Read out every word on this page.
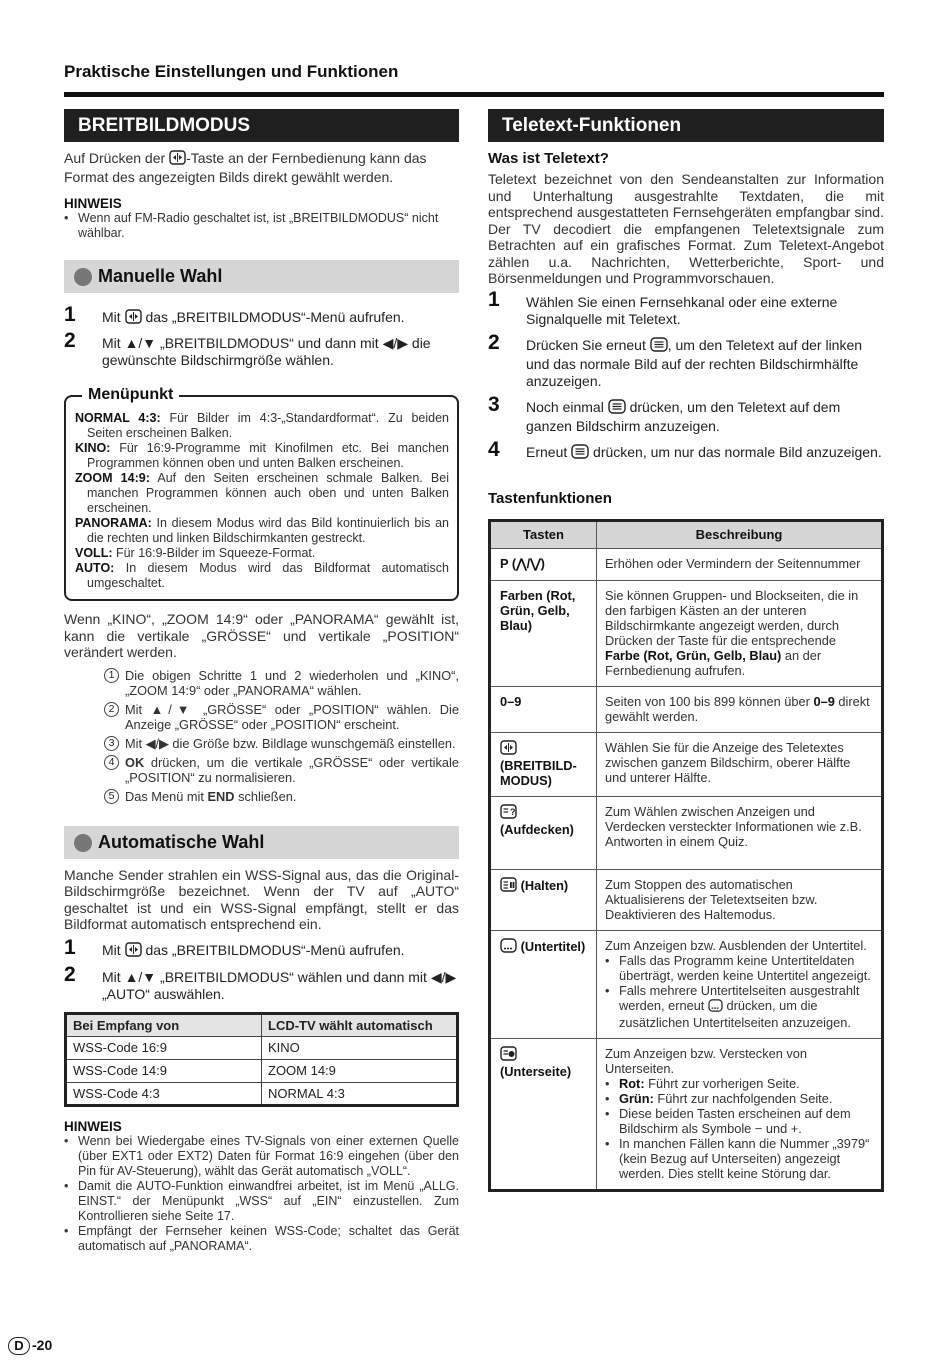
Praktische Einstellungen und Funktionen
BREITBILDMODUS
Auf Drücken der -Taste an der Fernbedienung kann das Format des angezeigten Bilds direkt gewählt werden.
HINWEIS
• Wenn auf FM-Radio geschaltet ist, ist „BREITBILDMODUS“ nicht wählbar.
Manuelle Wahl
1 Mit  das „BREITBILDMODUS“-Menü aufrufen.
2 Mit ▲/▼ „BREITBILDMODUS“ und dann mit ◀/▶ die gewünschte Bildschirmgröße wählen.
Menüpunkt
NORMAL 4:3: Für Bilder im 4:3-„Standardformat“. Zu beiden Seiten erscheinen Balken.
KINO: Für 16:9-Programme mit Kinofilmen etc. Bei manchen Programmen können oben und unten Balken erscheinen.
ZOOM 14:9: Auf den Seiten erscheinen schmale Balken. Bei manchen Programmen können auch oben und unten Balken erscheinen.
PANORAMA: In diesem Modus wird das Bild kontinuierlich bis an die rechten und linken Bildschirmkanten gestreckt.
VOLL: Für 16:9-Bilder im Squeeze-Format.
AUTO: In diesem Modus wird das Bildformat automatisch umgeschaltet.
Wenn „KINO“, „ZOOM 14:9“ oder „PANORAMA“ gewählt ist, kann die vertikale „GRÖSSE“ und vertikale „POSITION“ verändert werden.
1 Die obigen Schritte 1 und 2 wiederholen und „KINO“, „ZOOM 14:9“ oder „PANORAMA“ wählen.
2 Mit ▲/▼ „GRÖSSE“ oder „POSITION“ wählen. Die Anzeige „GRÖSSE“ oder „POSITION“ erscheint.
3 Mit ◀/▶ die Größe bzw. Bildlage wunschgemäß einstellen.
4 OK drücken, um die vertikale „GRÖSSE“ oder vertikale „POSITION“ zu normalisieren.
5 Das Menü mit END schließen.
Automatische Wahl
Manche Sender strahlen ein WSS-Signal aus, das die Original-Bildschirmgröße bezeichnet. Wenn der TV auf „AUTO“ geschaltet ist und ein WSS-Signal empfängt, stellt er das Bildformat automatisch entsprechend ein.
1 Mit  das „BREITBILDMODUS“-Menü aufrufen.
2 Mit ▲/▼ „BREITBILDMODUS“ wählen und dann mit ◀/▶ „AUTO“ auswählen.
Bei Empfang von	LCD-TV wählt automatisch
WSS-Code 16:9	KINO
WSS-Code 14:9	ZOOM 14:9
WSS-Code 4:3	NORMAL 4:3
HINWEIS
• Wenn bei Wiedergabe eines TV-Signals von einer externen Quelle (über EXT1 oder EXT2) Daten für Format 16:9 eingehen (über den Pin für AV-Steuerung), wählt das Gerät automatisch „VOLL“.
• Damit die AUTO-Funktion einwandfrei arbeitet, ist im Menü „ALLG. EINST.“ der Menüpunkt „WSS“ auf „EIN“ einzustellen. Zum Kontrollieren siehe Seite 17.
• Empfängt der Fernseher keinen WSS-Code; schaltet das Gerät automatisch auf „PANORAMA“.
Teletext-Funktionen
Was ist Teletext?
Teletext bezeichnet von den Sendeanstalten zur Information und Unterhaltung ausgestrahlte Textdaten, die mit entsprechend ausgestatteten Fernsehgeräten empfangbar sind. Der TV decodiert die empfangenen Teletextsignale zum Betrachten auf ein grafisches Format. Zum Teletext-Angebot zählen u.a. Nachrichten, Wetterberichte, Sport- und Börsenmeldungen und Programmvorschauen.
1 Wählen Sie einen Fernsehkanal oder eine externe Signalquelle mit Teletext.
2 Drücken Sie erneut , um den Teletext auf der linken und das normale Bild auf der rechten Bildschirmhälfte anzuzeigen.
3 Noch einmal  drücken, um den Teletext auf dem ganzen Bildschirm anzuzeigen.
4 Erneut  drücken, um nur das normale Bild anzuzeigen.
Tastenfunktionen
Tasten	Beschreibung
P (⋀/⋁)	Erhöhen oder Vermindern der Seitennummer
Farben (Rot, Grün, Gelb, Blau)	Sie können Gruppen- und Blockseiten, die in den farbigen Kästen an der unteren Bildschirmkante angezeigt werden, durch Drücken der Taste für die entsprechende Farbe (Rot, Grün, Gelb, Blau) an der Fernbedienung aufrufen.
0–9	Seiten von 100 bis 899 können über 0–9 direkt gewählt werden.

(BREITBILD-MODUS)	Wählen Sie für die Anzeige des Teletextes zwischen ganzem Bildschirm, oberer Hälfte und unterer Hälfte.

?

(Aufdecken)	Zum Wählen zwischen Anzeigen und Verdecken versteckter Informationen wie z.B. Antworten in einem Quiz.
(Halten)	Zum Stoppen des automatischen Aktualisierens der Teletextseiten bzw. Deaktivieren des Haltemodus.
(Untertitel)	Zum Anzeigen bzw. Ausblenden der Untertitel.
• Falls das Programm keine Untertiteldaten überträgt, werden keine Untertitel angezeigt.
• Falls mehrere Untertitelseiten ausgestrahlt werden, erneut  drücken, um die zusätzlichen Untertitelseiten anzuzeigen.

(Unterseite)	Zum Anzeigen bzw. Verstecken von Unterseiten.
• Rot: Führt zur vorherigen Seite.
• Grün: Führt zur nachfolgenden Seite.
• Diese beiden Tasten erscheinen auf dem Bildschirm als Symbole − und +.
• In manchen Fällen kann die Nummer „3979“ (kein Bezug auf Unterseiten) angezeigt werden. Dies stellt keine Störung dar.
D -20
